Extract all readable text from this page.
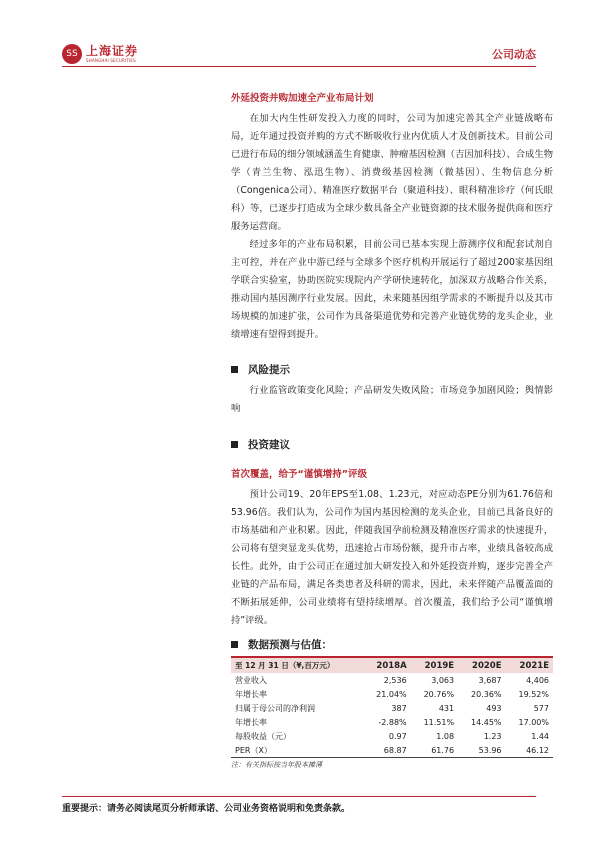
SS 上海证券
SHANGHAI SECURITIES	公司动态
外延投资并购加速全产业布局计划

在加大内生性研发投入力度的同时，公司为加速完善其全产业链战略布局，近年通过投资并购的方式不断吸收行业内优质人才及创新技术。目前公司已进行布局的细分领域涵盖生育健康、肿瘤基因检测（吉因加科技）、合成生物学（青兰生物、泓迅生物）、消费级基因检测（微基因）、生物信息分析（Congenica公司）、精准医疗数据平台（聚道科技）、眼科精准诊疗（何氏眼科）等，已逐步打造成为全球少数具备全产业链资源的技术服务提供商和医疗服务运营商。

经过多年的产业布局积累，目前公司已基本实现上游测序仪和配套试剂自主可控，并在产业中游已经与全球多个医疗机构开展运行了超过200家基因组学联合实验室，协助医院实现院内产学研快速转化，加深双方战略合作关系，推动国内基因测序行业发展。因此，未来随基因组学需求的不断提升以及其市场规模的加速扩张，公司作为具备渠道优势和完善产业链优势的龙头企业，业绩增速有望得到提升。

风险提示

行业监管政策变化风险；产品研发失败风险；市场竞争加剧风险；舆情影响

投资建议
首次覆盖，给予“谨慎增持”评级

预计公司19、20年EPS至1.08、1.23元，对应动态PE分别为61.76倍和53.96倍。我们认为，公司作为国内基因检测的龙头企业，目前已具备良好的市场基础和产业积累。因此，伴随我国孕前检测及精准医疗需求的快速提升，公司将有望突显龙头优势，迅速抢占市场份额，提升市占率，业绩具备较高成长性。此外，由于公司正在通过加大研发投入和外延投资并购，逐步完善全产业链的产品布局，满足各类患者及科研的需求，因此，未来伴随产品覆盖面的不断拓展延伸，公司业绩将有望持续增厚。首次覆盖，我们给予公司“谨慎增持”评级。

数据预测与估值：
至 12 月 31 日（¥,百万元）	2018A	2019E	2020E	2021E
营业收入	2,536	3,063	3,687	4,406
年增长率	21.04%	20.76%	20.36%	19.52%
归属于母公司的净利润	387	431	493	577
年增长率	-2.88%	11.51%	14.45%	17.00%
每股收益（元）	0.97	1.08	1.23	1.44
PER（X）	68.87	61.76	53.96	46.12
注：有关指标按当年股本摊薄
重要提示：请务必阅读尾页分析师承诺、公司业务资格说明和免责条款。
